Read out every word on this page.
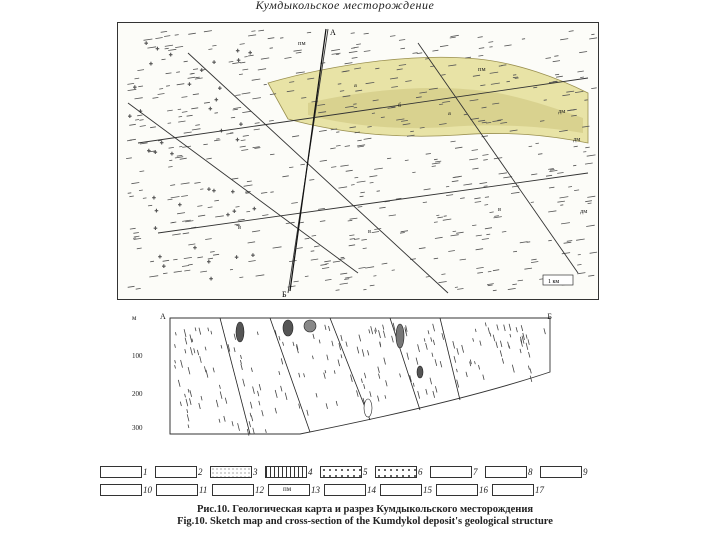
Кумдыкольское месторождение
+
+
+
+
+
+
+
+
+
+
+
+
+
+
+
+
+
+
+
+
+
+
+
+
+
+
+
+
+
+
+
+
+
+
+
+
+
+
+
+
А
Б
пм
пм
а
б
а	дм
дм
в
в
в	дм
1 км
А	Б
м
100
200
300
1	2	3	4	5	6	7	8	9
10	11	12	пм 13	14	15	16	17
Рис.10. Геологическая карта и разрез Кумдыкольского месторождения
Fig.10. Sketch map and cross-section of the Kumdykol deposit's geological structure
